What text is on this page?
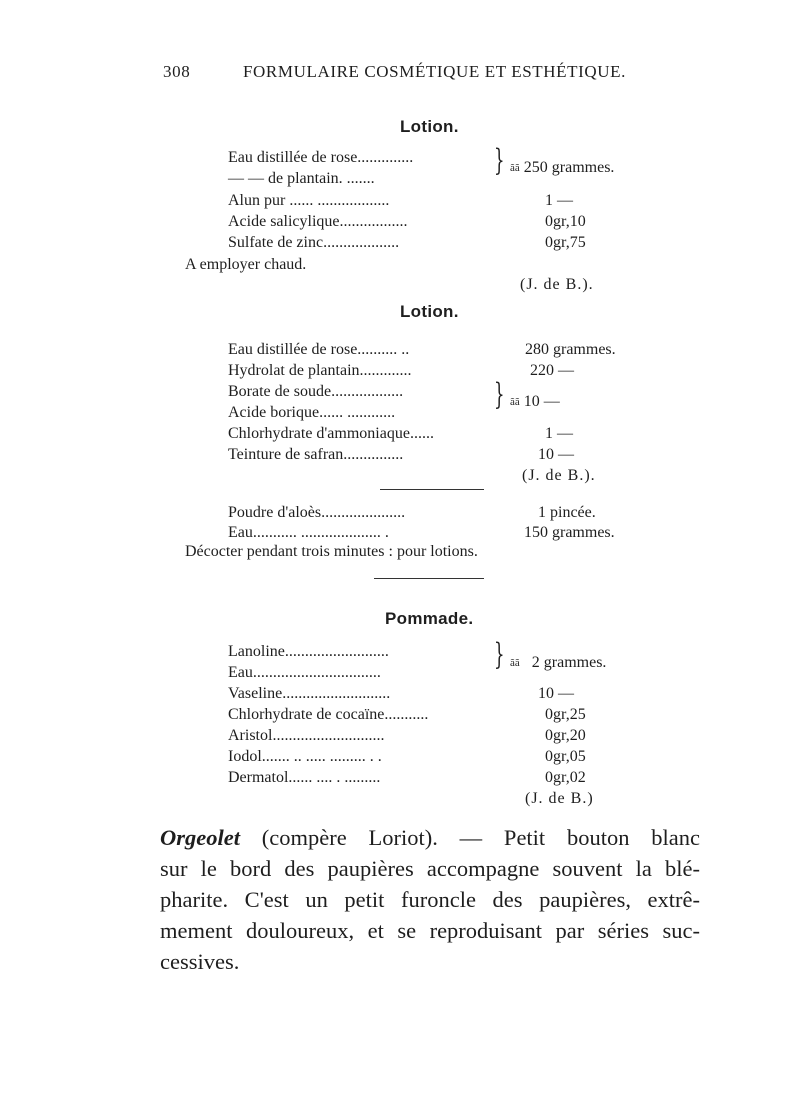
308	FORMULAIRE COSMÉTIQUE ET ESTHÉTIQUE.
Lotion.
Eau distillée de rose..............
— — de plantain. .......
} ãã 250 grammes.
Alun pur ...... ..................	1 —
Acide salicylique.................	0gr,10
Sulfate de zinc...................	0gr,75
A employer chaud.
(J. de B.).
Lotion.
Eau distillée de rose.......... ..	280 grammes.
Hydrolat de plantain.............	220 —
Borate de soude..................
Acide borique...... ............
} ãã 10 —
Chlorhydrate d'ammoniaque......	1 —
Teinture de safran...............	10 —
(J. de B.).
Poudre d'aloès.....................	1 pincée.
Eau........... .................... .	150 grammes.
Décocter pendant trois minutes : pour lotions.
Pommade.
Lanoline..........................
Eau................................
} ãã 2 grammes.
Vaseline...........................	10 —
Chlorhydrate de cocaïne...........	0gr,25
Aristol............................	0gr,20
Iodol....... .. ..... ......... . .	0gr,05
Dermatol...... .... . .........	0gr,02
(J. de B.)
Orgeolet (compère Loriot). — Petit bouton blanc
sur le bord des paupières accompagne souvent la blé-
pharite. C'est un petit furoncle des paupières, extrê-
mement douloureux, et se reproduisant par séries suc-
cessives.
